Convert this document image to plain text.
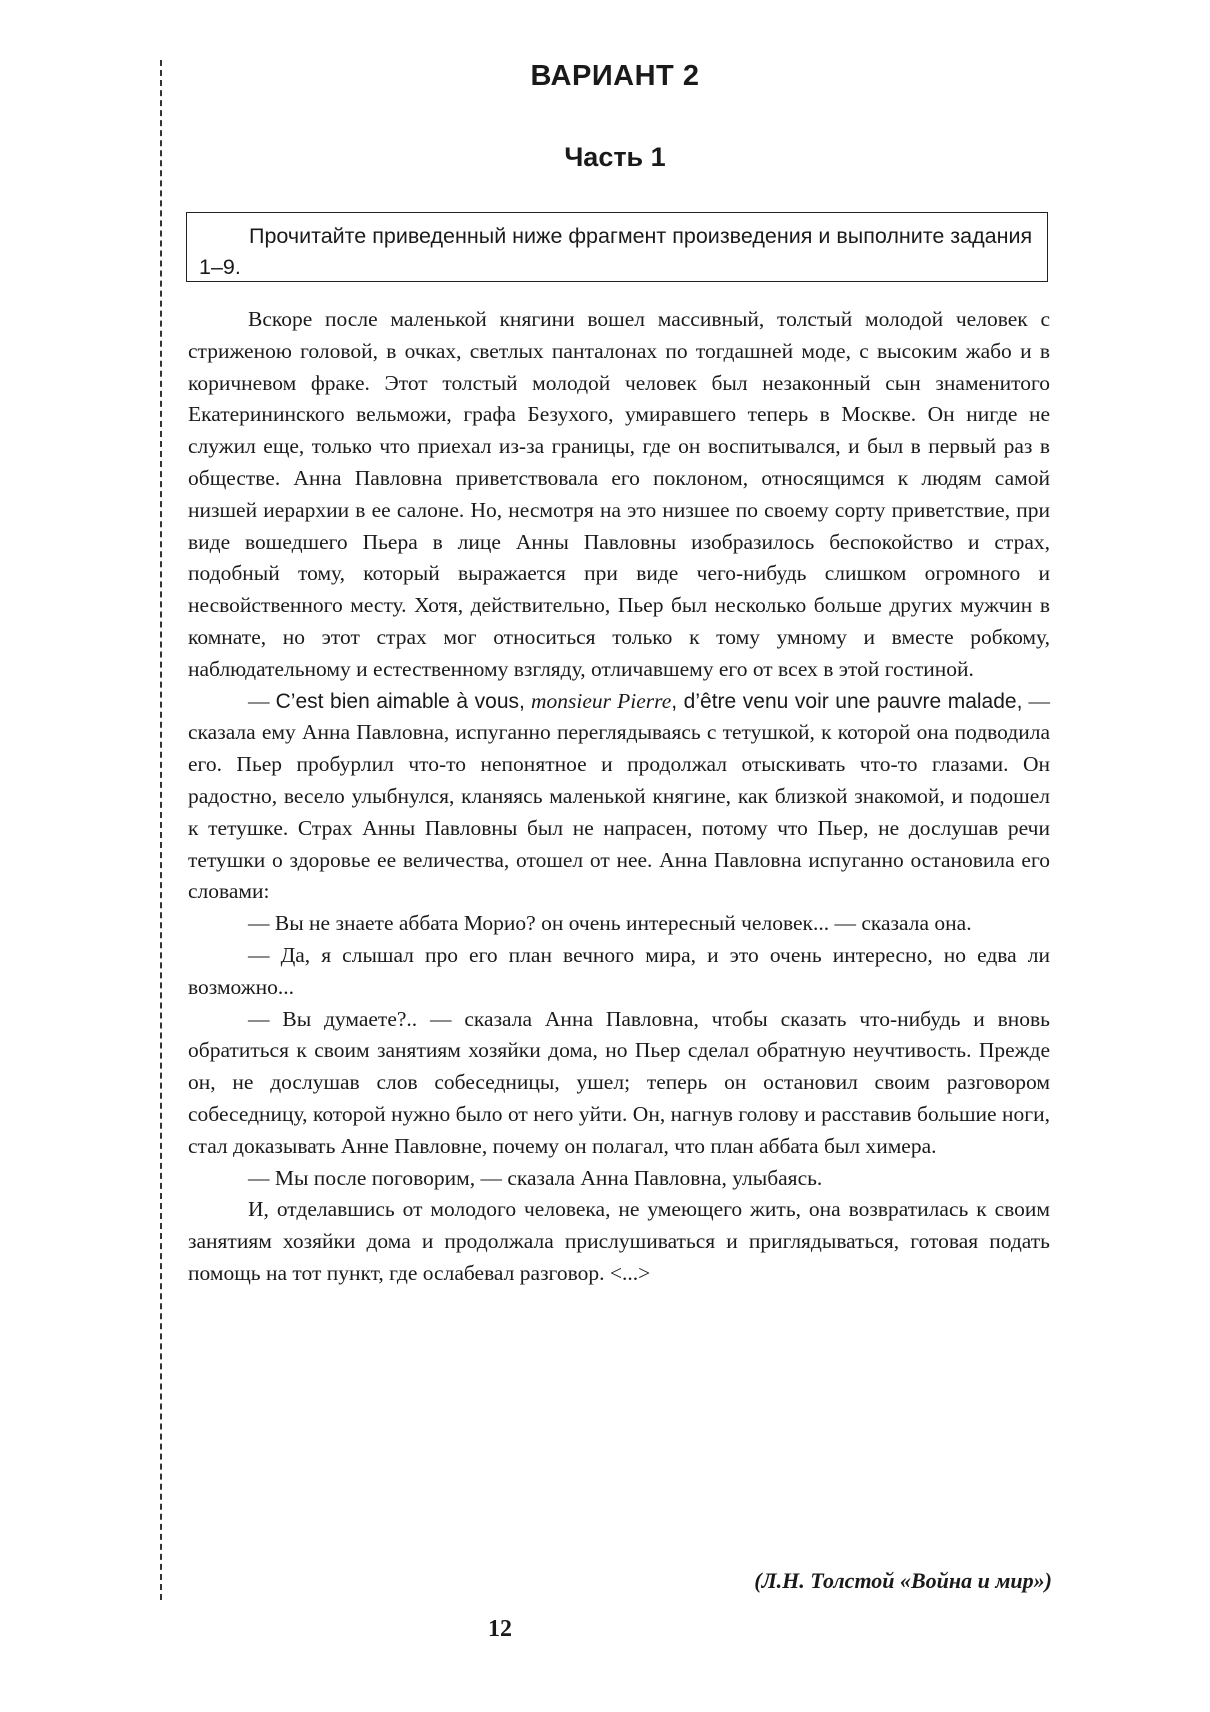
ВАРИАНТ 2
Часть 1
Прочитайте приведенный ниже фрагмент произведения и выполните задания 1–9.

Вскоре после маленькой княгини вошел массивный, толстый молодой человек с стриженою головой, в очках, светлых панталонах по тогдашней моде, с высоким жабо и в коричневом фраке. Этот толстый молодой человек был незаконный сын знаменитого Екатерининского вельможи, графа Безухого, умиравшего теперь в Москве. Он нигде не служил еще, только что приехал из-за границы, где он воспитывался, и был в первый раз в обществе. Анна Павловна приветствовала его поклоном, относящимся к людям самой низшей иерархии в ее салоне. Но, несмотря на это низшее по своему сорту приветствие, при виде вошедшего Пьера в лице Анны Павловны изобразилось беспокойство и страх, подобный тому, который выражается при виде чего-нибудь слишком огромного и несвойственного месту. Хотя, действительно, Пьер был несколько больше других мужчин в комнате, но этот страх мог относиться только к тому умному и вместе робкому, наблюдательному и естественному взгляду, отличавшему его от всех в этой гостиной.

— C’est bien aimable à vous, monsieur Pierre, d’être venu voir une pauvre malade, — сказала ему Анна Павловна, испуганно переглядываясь с тетушкой, к которой она подводила его. Пьер пробурлил что-то непонятное и продолжал отыскивать что-то глазами. Он радостно, весело улыбнулся, кланяясь маленькой княгине, как близкой знакомой, и подошел к тетушке. Страх Анны Павловны был не напрасен, потому что Пьер, не дослушав речи тетушки о здоровье ее величества, отошел от нее. Анна Павловна испуганно остановила его словами:

— Вы не знаете аббата Морио? он очень интересный человек... — сказала она.

— Да, я слышал про его план вечного мира, и это очень интересно, но едва ли возможно...

— Вы думаете?.. — сказала Анна Павловна, чтобы сказать что-нибудь и вновь обратиться к своим занятиям хозяйки дома, но Пьер сделал обратную неучтивость. Прежде он, не дослушав слов собеседницы, ушел; теперь он остановил своим разговором собеседницу, которой нужно было от него уйти. Он, нагнув голову и расставив большие ноги, стал доказывать Анне Павловне, почему он полагал, что план аббата был химера.

— Мы после поговорим, — сказала Анна Павловна, улыбаясь.

И, отделавшись от молодого человека, не умеющего жить, она возвратилась к своим занятиям хозяйки дома и продолжала прислушиваться и приглядываться, готовая подать помощь на тот пункт, где ослабевал разговор. <...>

(Л.Н. Толстой «Война и мир»)
12
